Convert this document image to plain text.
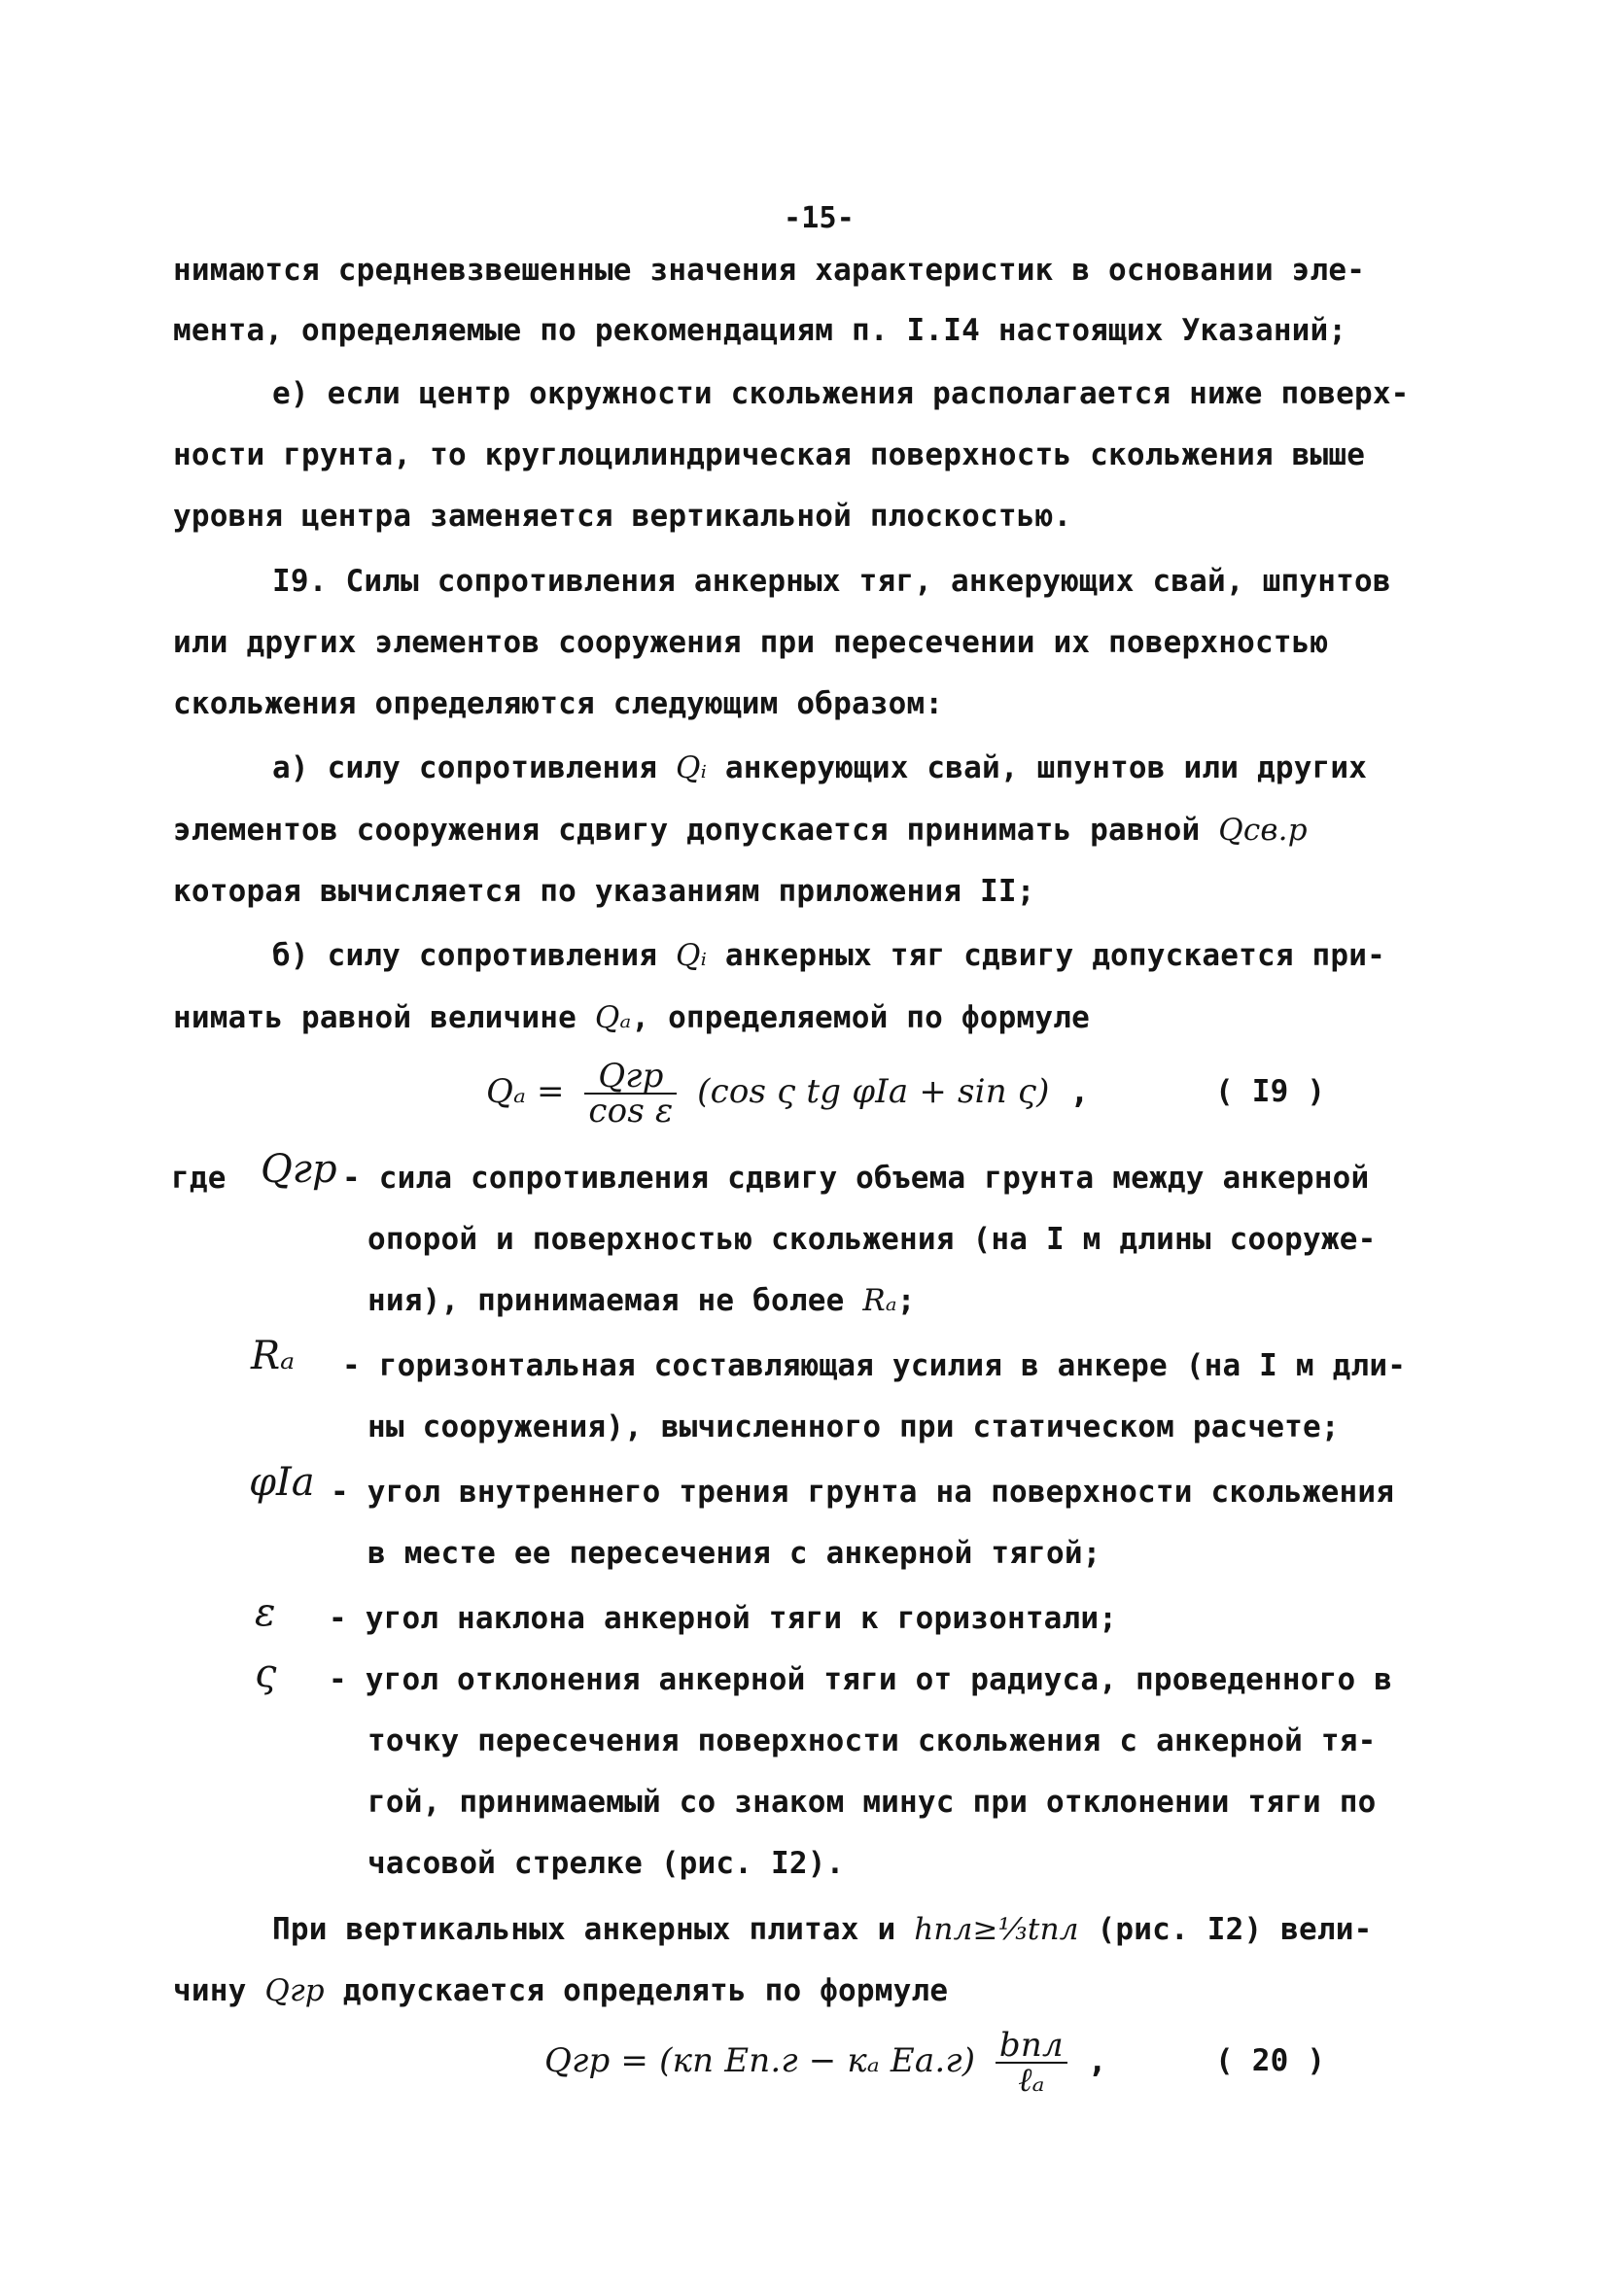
-15-
нимаются средневзвешенные значения характеристик в основании эле-
мента, определяемые по рекомендациям п. I.I4 настоящих Указаний;
е) если центр окружности скольжения располагается ниже поверх-
ности грунта, то круглоцилиндрическая поверхность скольжения выше
уровня центра заменяется вертикальной плоскостью.
I9. Силы сопротивления анкерных тяг, анкерующих свай, шпунтов
или других элементов сооружения при пересечении их поверхностью
скольжения определяются следующим образом:
а) силу сопротивления Qᵢ анкерующих свай, шпунтов или других
элементов сооружения сдвигу допускается принимать равной Qсв.р
которая вычисляется по указаниям приложения II;
б) силу сопротивления Qᵢ анкерных тяг сдвигу допускается при-
нимать равной величине Qₐ, определяемой по формуле
$Q_a = \frac{\text{Qгр}}{\text{cos ε}} (\cos$ ς tg φIа + sin ς) ,	( I9 )
где Qгр - сила сопротивления сдвигу объема грунта между анкерной
опорой и поверхностью скольжения (на I м длины сооруже-
ния), принимаемая не более Rₐ;
Rₐ - горизонтальная составляющая усилия в анкере (на I м дли-
ны сооружения), вычисленного при статическом расчете;
φIа - угол внутреннего трения грунта на поверхности скольжения
в месте ее пересечения с анкерной тягой;
ε - угол наклона анкерной тяги к горизонтали;
ς - угол отклонения анкерной тяги от радиуса, проведенного в
точку пересечения поверхности скольжения с анкерной тя-
гой, принимаемый со знаком минус при отклонении тяги по
часовой стрелке (рис. I2).
При вертикальных анкерных плитах и hпл≥⅓tпл (рис. I2) вели-
чину Qгр допускается определять по формуле
Qгр = (кп Еп.г − кₐ $Еа.г) \frac{\text{bпл}}{\text{ℓₐ}}$ ,	( 20 )
